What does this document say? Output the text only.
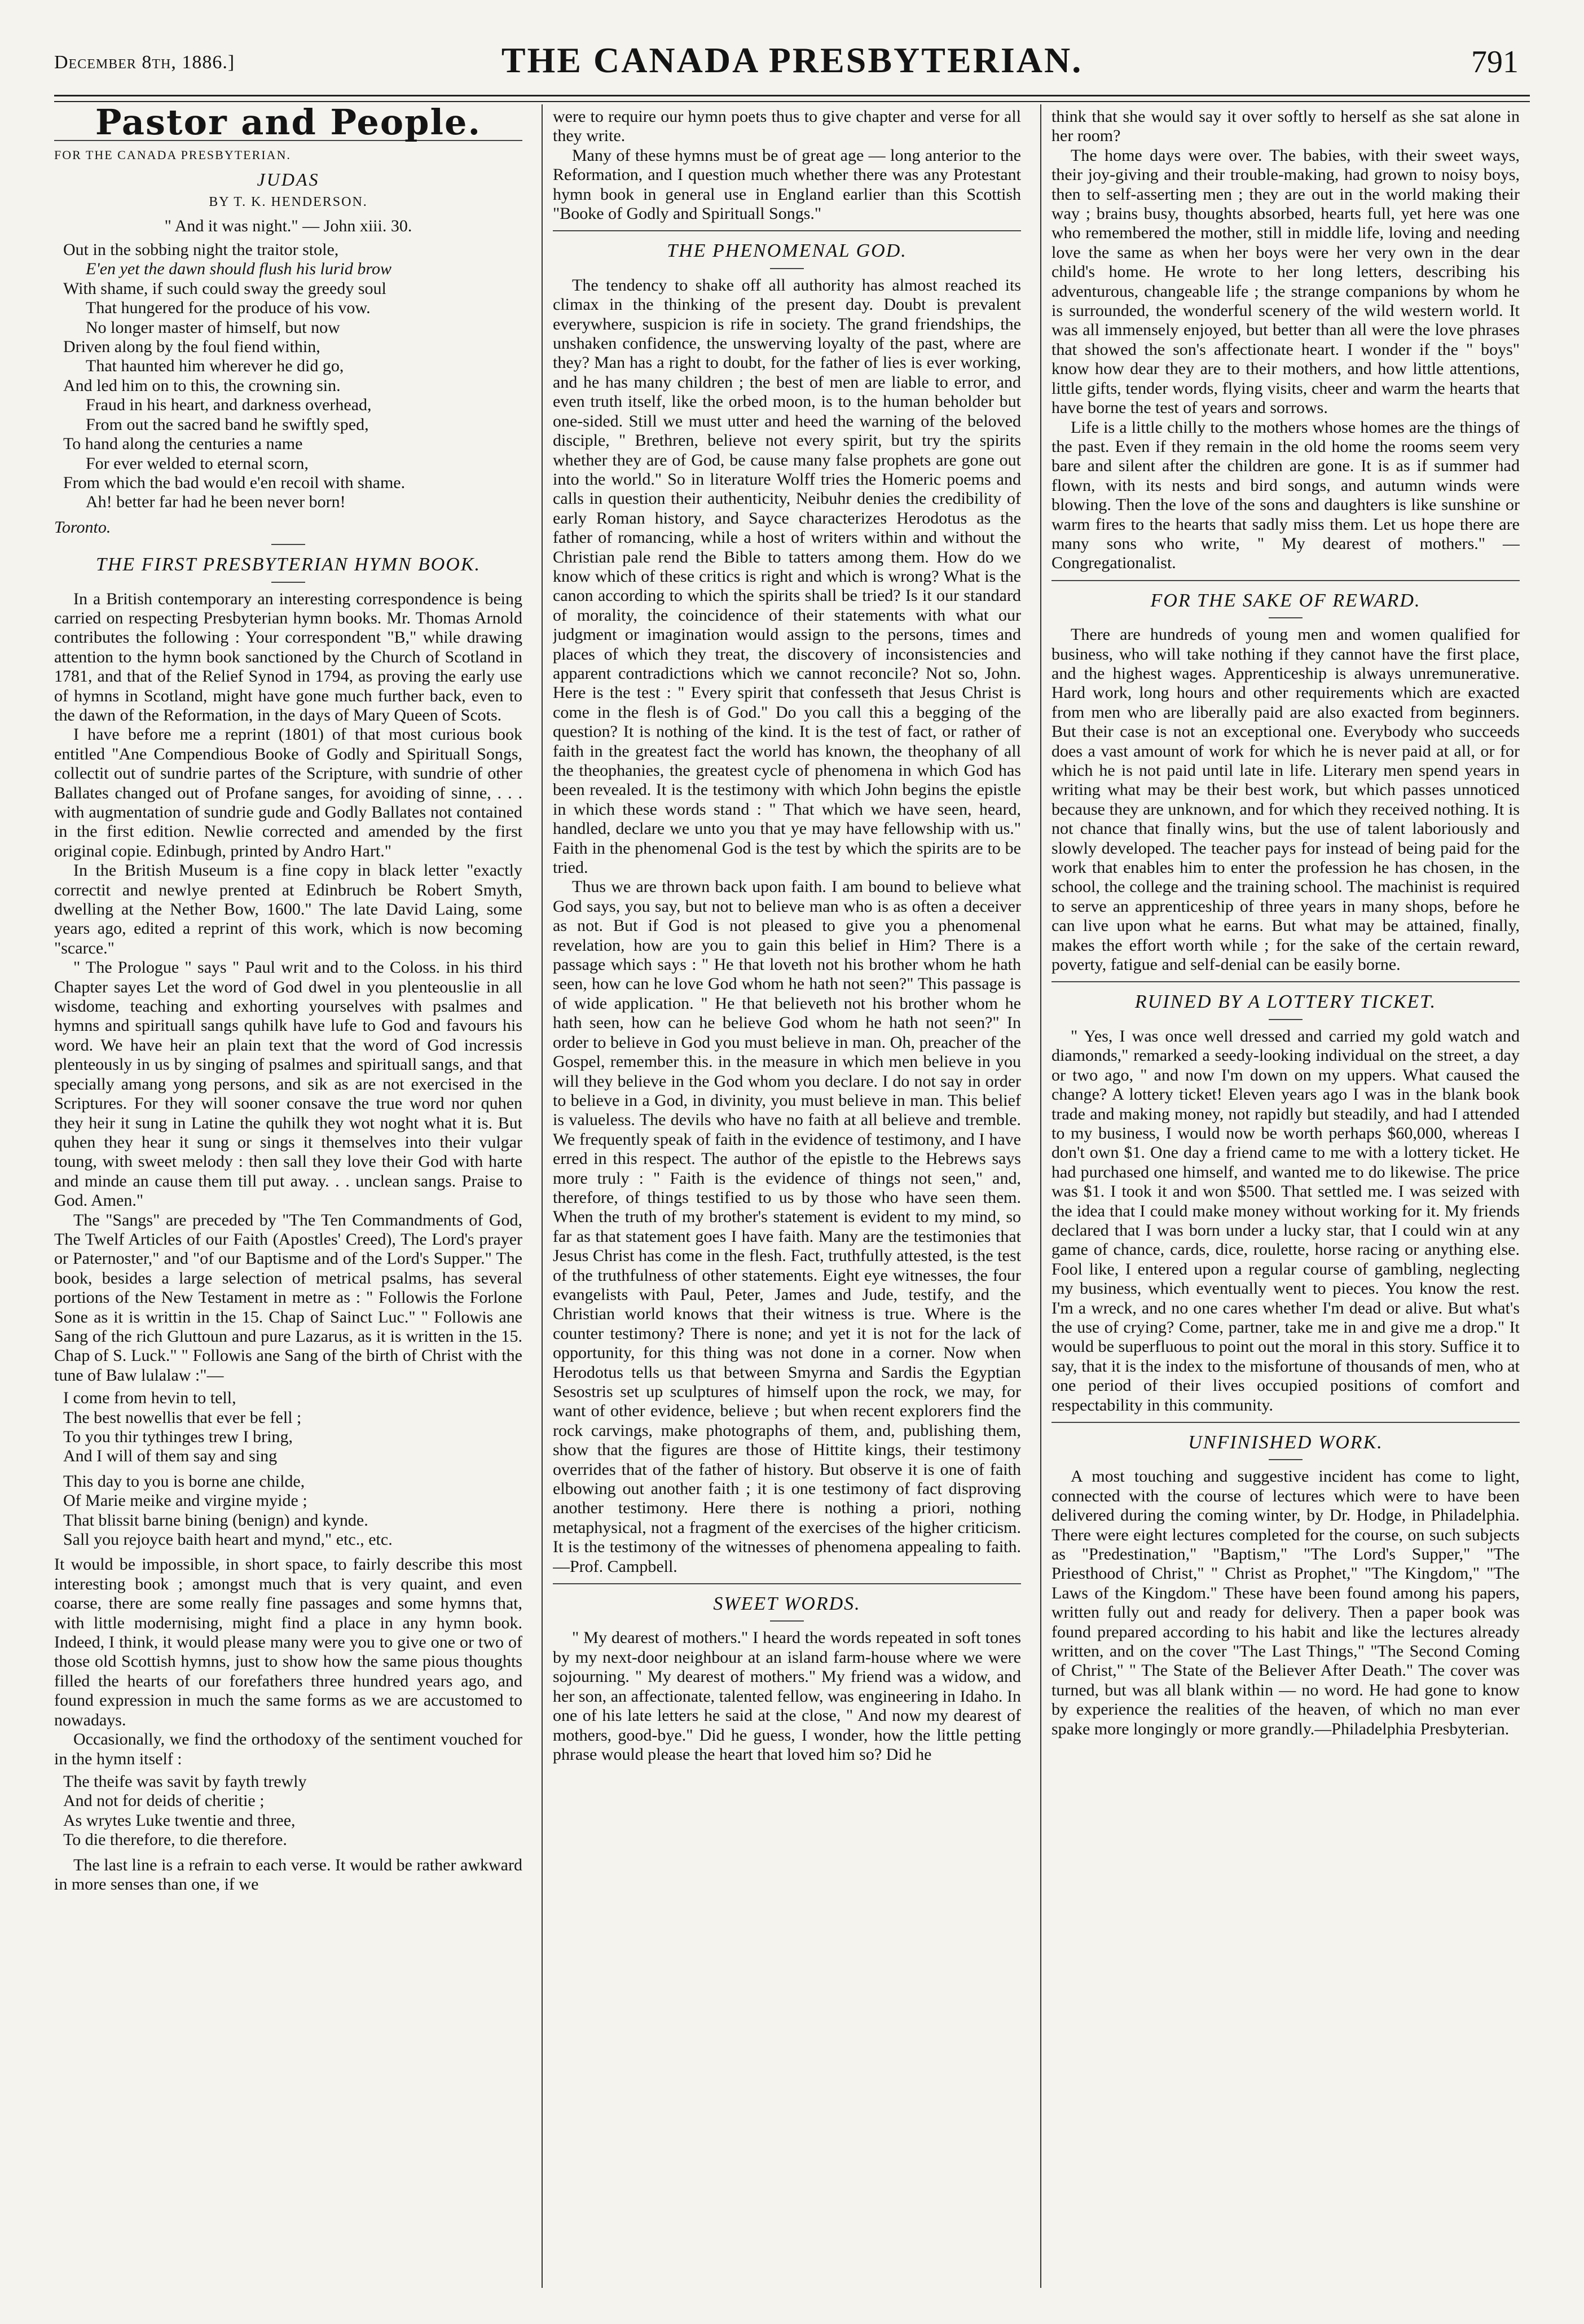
December 8th, 1886.]	THE CANADA PRESBYTERIAN.	791
Pastor and People.
FOR THE CANADA PRESBYTERIAN.
JUDAS
BY T. K. HENDERSON.
" And it was night." — John xiii. 30.
Out in the sobbing night the traitor stole,
E'en yet the dawn should flush his lurid brow
With shame, if such could sway the greedy soul
That hungered for the produce of his vow.
No longer master of himself, but now
Driven along by the foul fiend within,
That haunted him wherever he did go,
And led him on to this, the crowning sin.
Fraud in his heart, and darkness overhead,
From out the sacred band he swiftly sped,
To hand along the centuries a name
For ever welded to eternal scorn,
From which the bad would e'en recoil with shame.
Ah! better far had he been never born!
Toronto.
THE FIRST PRESBYTERIAN HYMN BOOK.

In a British contemporary an interesting correspondence is being carried on respecting Presbyterian hymn books. Mr. Thomas Arnold contributes the following : Your correspondent "B," while drawing attention to the hymn book sanctioned by the Church of Scotland in 1781, and that of the Relief Synod in 1794, as proving the early use of hymns in Scotland, might have gone much further back, even to the dawn of the Reformation, in the days of Mary Queen of Scots.

I have before me a reprint (1801) of that most curious book entitled "Ane Compendious Booke of Godly and Spirituall Songs, collectit out of sundrie partes of the Scripture, with sundrie of other Ballates changed out of Profane sanges, for avoiding of sinne, . . . with augmentation of sundrie gude and Godly Ballates not contained in the first edition. Newlie corrected and amended by the first original copie. Edinbugh, printed by Andro Hart."

In the British Museum is a fine copy in black letter "exactly correctit and newlye prented at Edinbruch be Robert Smyth, dwelling at the Nether Bow, 1600." The late David Laing, some years ago, edited a reprint of this work, which is now becoming "scarce."

" The Prologue " says " Paul writ and to the Coloss. in his third Chapter sayes Let the word of God dwel in you plenteouslie in all wisdome, teaching and exhorting yourselves with psalmes and hymns and spirituall sangs quhilk have lufe to God and favours his word. We have heir an plain text that the word of God incressis plenteously in us by singing of psalmes and spirituall sangs, and that specially amang yong persons, and sik as are not exercised in the Scriptures. For they will sooner consave the true word nor quhen they heir it sung in Latine the quhilk they wot noght what it is. But quhen they hear it sung or sings it themselves into their vulgar toung, with sweet melody : then sall they love their God with harte and minde an cause them till put away. . . unclean sangs. Praise to God. Amen."

The "Sangs" are preceded by "The Ten Commandments of God, The Twelf Articles of our Faith (Apostles' Creed), The Lord's prayer or Paternoster," and "of our Baptisme and of the Lord's Supper." The book, besides a large selection of metrical psalms, has several portions of the New Testament in metre as : " Followis the Forlone Sone as it is writtin in the 15. Chap of Sainct Luc." " Followis ane Sang of the rich Gluttoun and pure Lazarus, as it is written in the 15. Chap of S. Luck." " Followis ane Sang of the birth of Christ with the tune of Baw lulalaw :"—

I come from hevin to tell,
The best nowellis that ever be fell ;
To you thir tythinges trew I bring,
And I will of them say and sing
This day to you is borne ane childe,
Of Marie meike and virgine myide ;
That blissit barne bining (benign) and kynde.
Sall you rejoyce baith heart and mynd," etc., etc.

It would be impossible, in short space, to fairly describe this most interesting book ; amongst much that is very quaint, and even coarse, there are some really fine passages and some hymns that, with little modernising, might find a place in any hymn book. Indeed, I think, it would please many were you to give one or two of those old Scottish hymns, just to show how the same pious thoughts filled the hearts of our forefathers three hundred years ago, and found expression in much the same forms as we are accustomed to nowadays.

Occasionally, we find the orthodoxy of the sentiment vouched for in the hymn itself :

The theife was savit by fayth trewly
And not for deids of cheritie ;
As wrytes Luke twentie and three,
To die therefore, to die therefore.

The last line is a refrain to each verse. It would be rather awkward in more senses than one, if we

were to require our hymn poets thus to give chapter and verse for all they write.

Many of these hymns must be of great age — long anterior to the Reformation, and I question much whether there was any Protestant hymn book in general use in England earlier than this Scottish "Booke of Godly and Spirituall Songs."

THE PHENOMENAL GOD.

The tendency to shake off all authority has almost reached its climax in the thinking of the present day. Doubt is prevalent everywhere, suspicion is rife in society. The grand friendships, the unshaken confidence, the unswerving loyalty of the past, where are they? Man has a right to doubt, for the father of lies is ever working, and he has many children ; the best of men are liable to error, and even truth itself, like the orbed moon, is to the human beholder but one-sided. Still we must utter and heed the warning of the beloved disciple, " Brethren, believe not every spirit, but try the spirits whether they are of God, be cause many false prophets are gone out into the world." So in literature Wolff tries the Homeric poems and calls in question their authenticity, Neibuhr denies the credibility of early Roman history, and Sayce characterizes Herodotus as the father of romancing, while a host of writers within and without the Christian pale rend the Bible to tatters among them. How do we know which of these critics is right and which is wrong? What is the canon according to which the spirits shall be tried? Is it our standard of morality, the coincidence of their statements with what our judgment or imagination would assign to the persons, times and places of which they treat, the discovery of inconsistencies and apparent contradictions which we cannot reconcile? Not so, John. Here is the test : " Every spirit that confesseth that Jesus Christ is come in the flesh is of God." Do you call this a begging of the question? It is nothing of the kind. It is the test of fact, or rather of faith in the greatest fact the world has known, the theophany of all the theophanies, the greatest cycle of phenomena in which God has been revealed. It is the testimony with which John begins the epistle in which these words stand : " That which we have seen, heard, handled, declare we unto you that ye may have fellowship with us." Faith in the phenomenal God is the test by which the spirits are to be tried.

Thus we are thrown back upon faith. I am bound to believe what God says, you say, but not to believe man who is as often a deceiver as not. But if God is not pleased to give you a phenomenal revelation, how are you to gain this belief in Him? There is a passage which says : " He that loveth not his brother whom he hath seen, how can he love God whom he hath not seen?" This passage is of wide application. " He that believeth not his brother whom he hath seen, how can he believe God whom he hath not seen?" In order to believe in God you must believe in man. Oh, preacher of the Gospel, remember this. in the measure in which men believe in you will they believe in the God whom you declare. I do not say in order to believe in a God, in divinity, you must believe in man. This belief is valueless. The devils who have no faith at all believe and tremble. We frequently speak of faith in the evidence of testimony, and I have erred in this respect. The author of the epistle to the Hebrews says more truly : " Faith is the evidence of things not seen," and, therefore, of things testified to us by those who have seen them. When the truth of my brother's statement is evident to my mind, so far as that statement goes I have faith. Many are the testimonies that Jesus Christ has come in the flesh. Fact, truthfully attested, is the test of the truthfulness of other statements. Eight eye witnesses, the four evangelists with Paul, Peter, James and Jude, testify, and the Christian world knows that their witness is true. Where is the counter testimony? There is none; and yet it is not for the lack of opportunity, for this thing was not done in a corner. Now when Herodotus tells us that between Smyrna and Sardis the Egyptian Sesostris set up sculptures of himself upon the rock, we may, for want of other evidence, believe ; but when recent explorers find the rock carvings, make photographs of them, and, publishing them, show that the figures are those of Hittite kings, their testimony overrides that of the father of history. But observe it is one of faith elbowing out another faith ; it is one testimony of fact disproving another testimony. Here there is nothing a priori, nothing metaphysical, not a fragment of the exercises of the higher criticism. It is the testimony of the witnesses of phenomena appealing to faith.—Prof. Campbell.

SWEET WORDS.

" My dearest of mothers." I heard the words repeated in soft tones by my next-door neighbour at an island farm-house where we were sojourning. " My dearest of mothers." My friend was a widow, and her son, an affectionate, talented fellow, was engineering in Idaho. In one of his late letters he said at the close, " And now my dearest of mothers, good-bye." Did he guess, I wonder, how the little petting phrase would please the heart that loved him so? Did he

think that she would say it over softly to herself as she sat alone in her room?

The home days were over. The babies, with their sweet ways, their joy-giving and their trouble-making, had grown to noisy boys, then to self-asserting men ; they are out in the world making their way ; brains busy, thoughts absorbed, hearts full, yet here was one who remembered the mother, still in middle life, loving and needing love the same as when her boys were her very own in the dear child's home. He wrote to her long letters, describing his adventurous, changeable life ; the strange companions by whom he is surrounded, the wonderful scenery of the wild western world. It was all immensely enjoyed, but better than all were the love phrases that showed the son's affectionate heart. I wonder if the " boys" know how dear they are to their mothers, and how little attentions, little gifts, tender words, flying visits, cheer and warm the hearts that have borne the test of years and sorrows.

Life is a little chilly to the mothers whose homes are the things of the past. Even if they remain in the old home the rooms seem very bare and silent after the children are gone. It is as if summer had flown, with its nests and bird songs, and autumn winds were blowing. Then the love of the sons and daughters is like sunshine or warm fires to the hearts that sadly miss them. Let us hope there are many sons who write, " My dearest of mothers." —Congregationalist.

FOR THE SAKE OF REWARD.

There are hundreds of young men and women qualified for business, who will take nothing if they cannot have the first place, and the highest wages. Apprenticeship is always unremunerative. Hard work, long hours and other requirements which are exacted from men who are liberally paid are also exacted from beginners. But their case is not an exceptional one. Everybody who succeeds does a vast amount of work for which he is never paid at all, or for which he is not paid until late in life. Literary men spend years in writing what may be their best work, but which passes unnoticed because they are unknown, and for which they received nothing. It is not chance that finally wins, but the use of talent laboriously and slowly developed. The teacher pays for instead of being paid for the work that enables him to enter the profession he has chosen, in the school, the college and the training school. The machinist is required to serve an apprenticeship of three years in many shops, before he can live upon what he earns. But what may be attained, finally, makes the effort worth while ; for the sake of the certain reward, poverty, fatigue and self-denial can be easily borne.

RUINED BY A LOTTERY TICKET.

" Yes, I was once well dressed and carried my gold watch and diamonds," remarked a seedy-looking individual on the street, a day or two ago, " and now I'm down on my uppers. What caused the change? A lottery ticket! Eleven years ago I was in the blank book trade and making money, not rapidly but steadily, and had I attended to my business, I would now be worth perhaps $60,000, whereas I don't own $1. One day a friend came to me with a lottery ticket. He had purchased one himself, and wanted me to do likewise. The price was $1. I took it and won $500. That settled me. I was seized with the idea that I could make money without working for it. My friends declared that I was born under a lucky star, that I could win at any game of chance, cards, dice, roulette, horse racing or anything else. Fool like, I entered upon a regular course of gambling, neglecting my business, which eventually went to pieces. You know the rest. I'm a wreck, and no one cares whether I'm dead or alive. But what's the use of crying? Come, partner, take me in and give me a drop." It would be superfluous to point out the moral in this story. Suffice it to say, that it is the index to the misfortune of thousands of men, who at one period of their lives occupied positions of comfort and respectability in this community.

UNFINISHED WORK.

A most touching and suggestive incident has come to light, connected with the course of lectures which were to have been delivered during the coming winter, by Dr. Hodge, in Philadelphia. There were eight lectures completed for the course, on such subjects as "Predestination," "Baptism," "The Lord's Supper," "The Priesthood of Christ," " Christ as Prophet," "The Kingdom," "The Laws of the Kingdom." These have been found among his papers, written fully out and ready for delivery. Then a paper book was found prepared according to his habit and like the lectures already written, and on the cover "The Last Things," "The Second Coming of Christ," " The State of the Believer After Death." The cover was turned, but was all blank within — no word. He had gone to know by experience the realities of the heaven, of which no man ever spake more longingly or more grandly.—Philadelphia Presbyterian.
